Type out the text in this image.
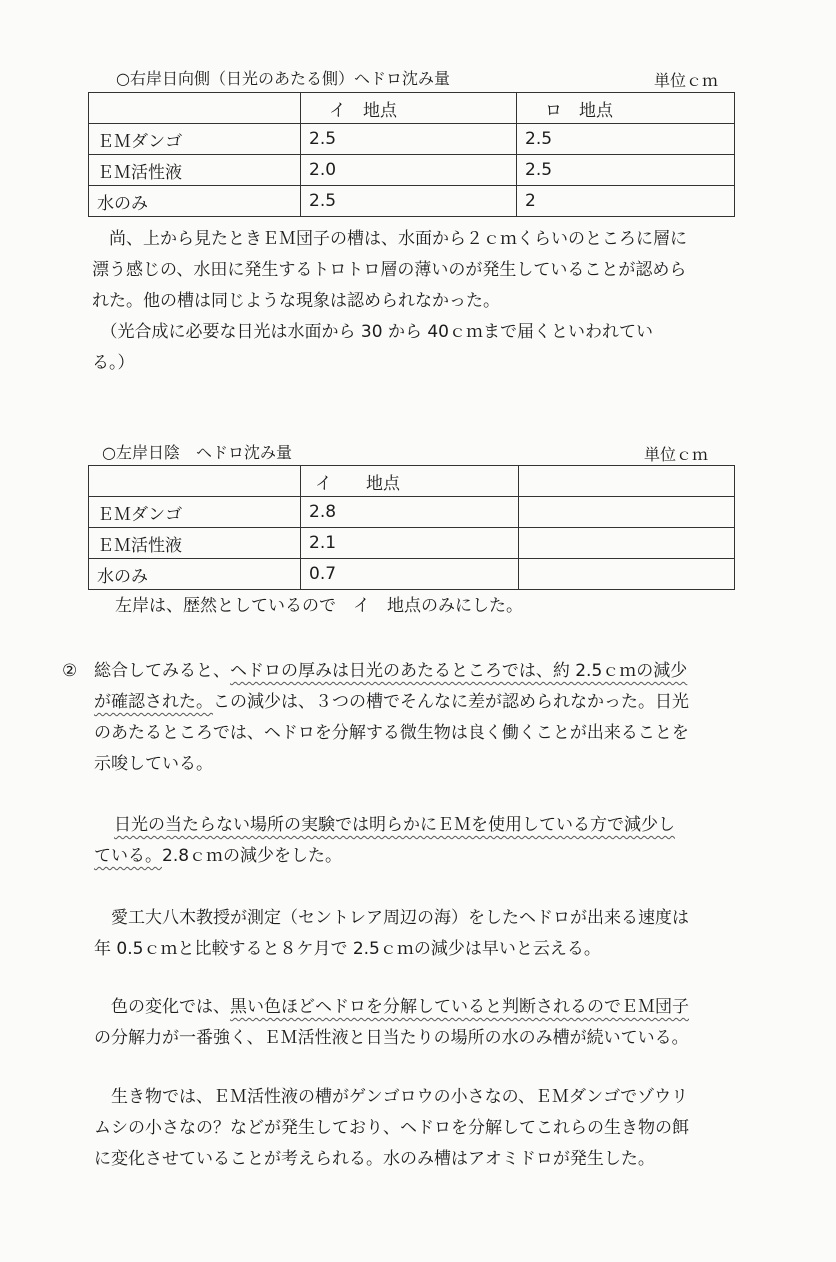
○右岸日向側（日光のあたる側）ヘドロ沈み量	単位ｃｍ
	イ　地点	ロ　地点
ＥＭダンゴ	2.5	2.5
ＥＭ活性液	2.0	2.5
水のみ	2.5	2
　尚、上から見たときＥＭ団子の槽は、水面から２ｃｍくらいのところに層に
漂う感じの、水田に発生するトロトロ層の薄いのが発生していることが認めら
れた。他の槽は同じような現象は認められなかった。
　（光合成に必要な日光は水面から 30 から 40ｃｍまで届くといわれてい
る。）
○左岸日陰　ヘドロ沈み量	単位ｃｍ
	イ　　地点	
ＥＭダンゴ	2.8	
ＥＭ活性液	2.1	
水のみ	0.7	
　左岸は、歴然としているので　イ　地点のみにした。
② 総合してみると、ヘドロの厚みは日光のあたるところでは、約 2.5ｃｍの減少
が確認された。この減少は、３つの槽でそんなに差が認められなかった。日光
のあたるところでは、ヘドロを分解する微生物は良く働くことが出来ることを
示唆している。
日光の当たらない場所の実験では明らかにＥＭを使用している方で減少し
ている。2.8ｃｍの減少をした。
　愛工大八木教授が測定（セントレア周辺の海）をしたヘドロが出来る速度は
年 0.5ｃｍと比較すると８ケ月で 2.5ｃｍの減少は早いと云える。
　色の変化では、黒い色ほどヘドロを分解していると判断されるのでＥＭ団子
の分解力が一番強く、ＥＭ活性液と日当たりの場所の水のみ槽が続いている。
　生き物では、ＥＭ活性液の槽がゲンゴロウの小さなの、ＥＭダンゴでゾウリ
ムシの小さなの？などが発生しており、ヘドロを分解してこれらの生き物の餌
に変化させていることが考えられる。水のみ槽はアオミドロが発生した。
